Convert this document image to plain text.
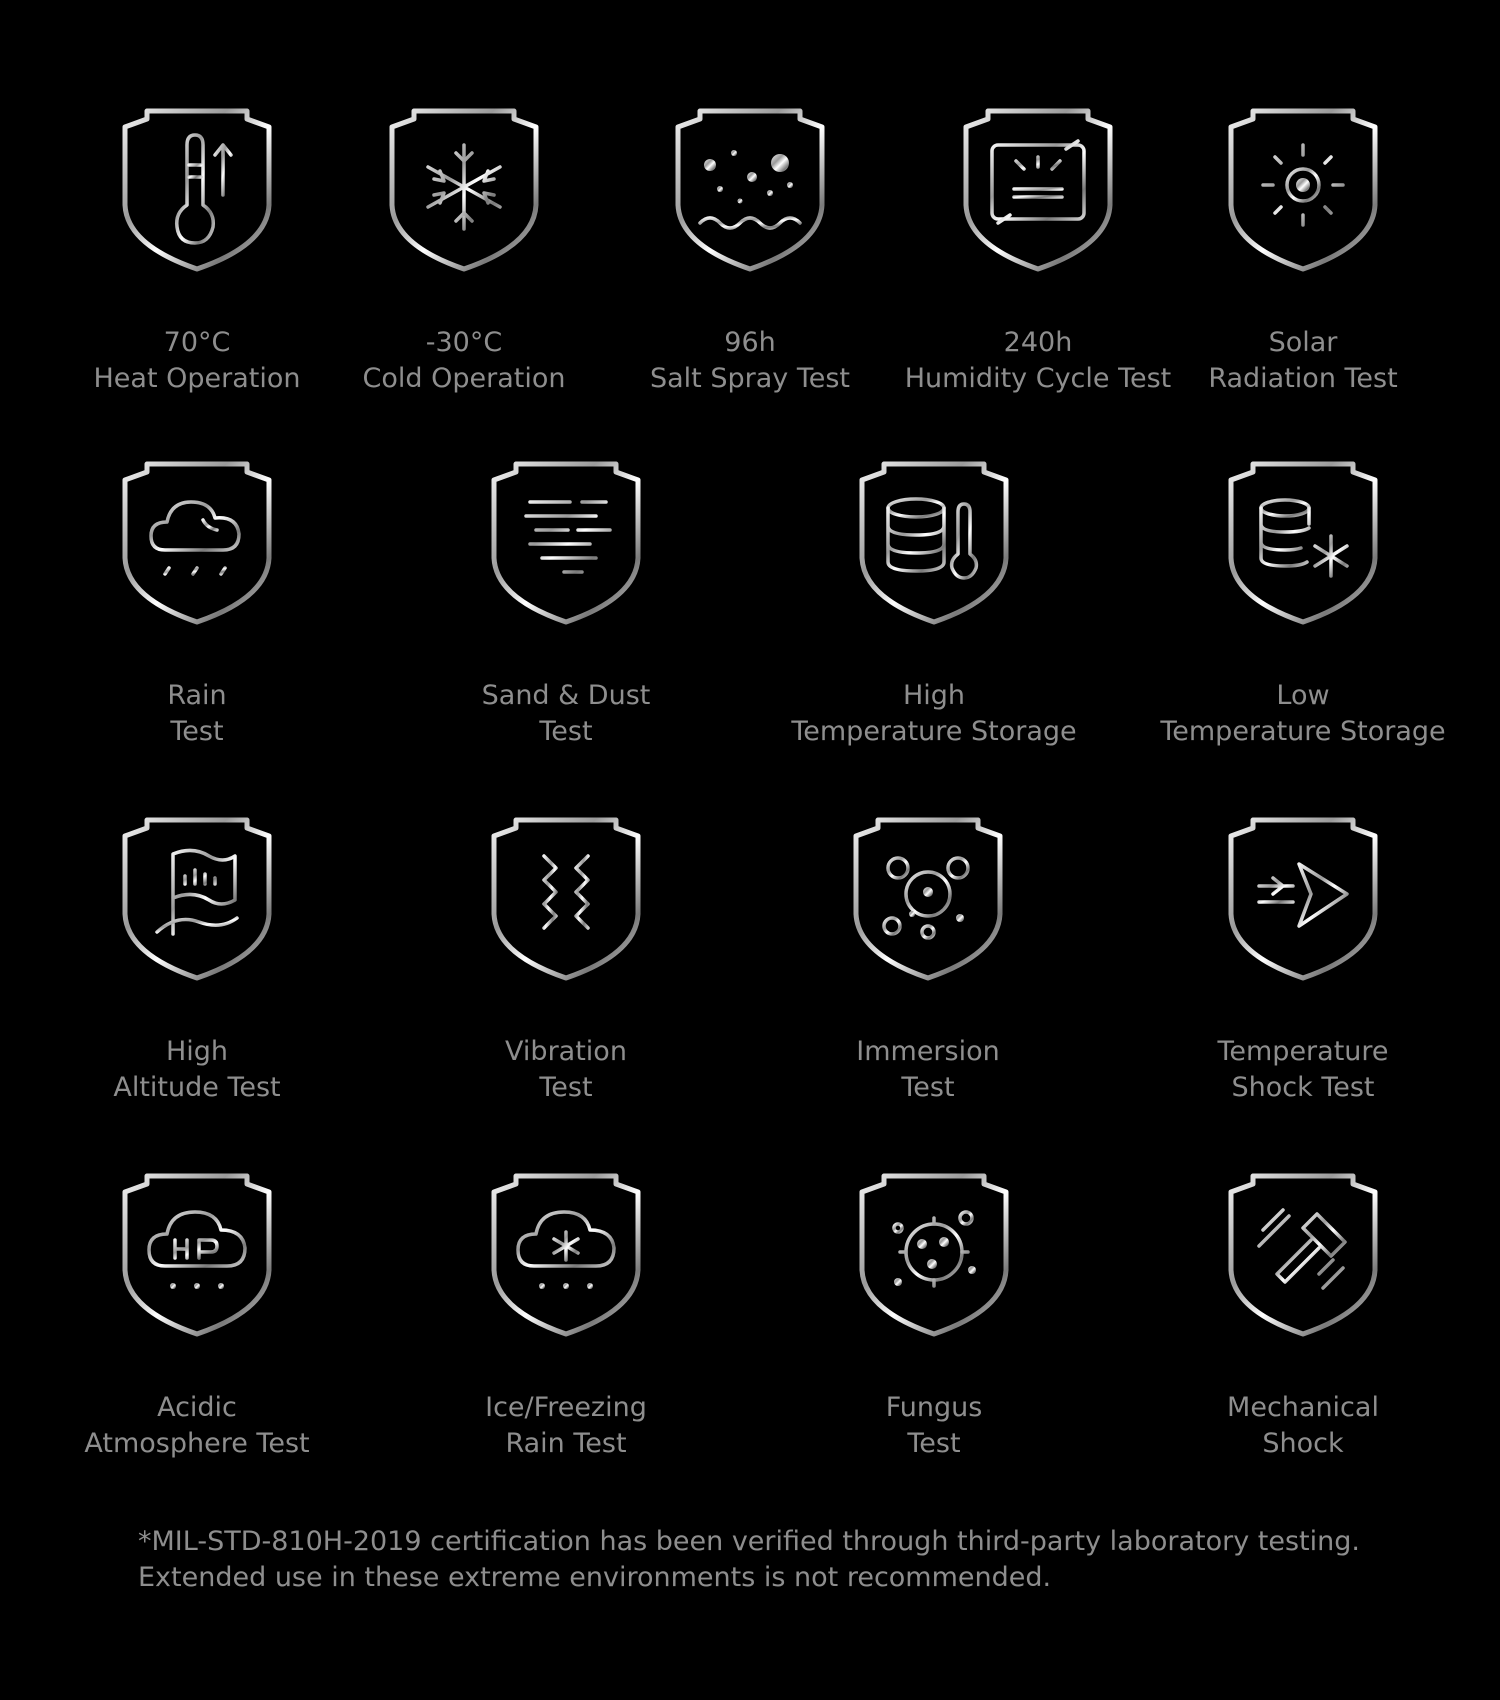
70°C
Heat Operation
-30°C
Cold Operation
96h
Salt Spray Test
240h
Humidity Cycle Test
Solar
Radiation Test
Rain
Test
Sand & Dust
Test
High
Temperature Storage
Low
Temperature Storage
High
Altitude Test
Vibration
Test
Immersion
Test
Temperature
Shock Test
Acidic
Atmosphere Test
Ice/Freezing
Rain Test
Fungus
Test
Mechanical
Shock
*MIL-STD-810H-2019 certification has been verified through third-party laboratory testing.
Extended use in these extreme environments is not recommended.
